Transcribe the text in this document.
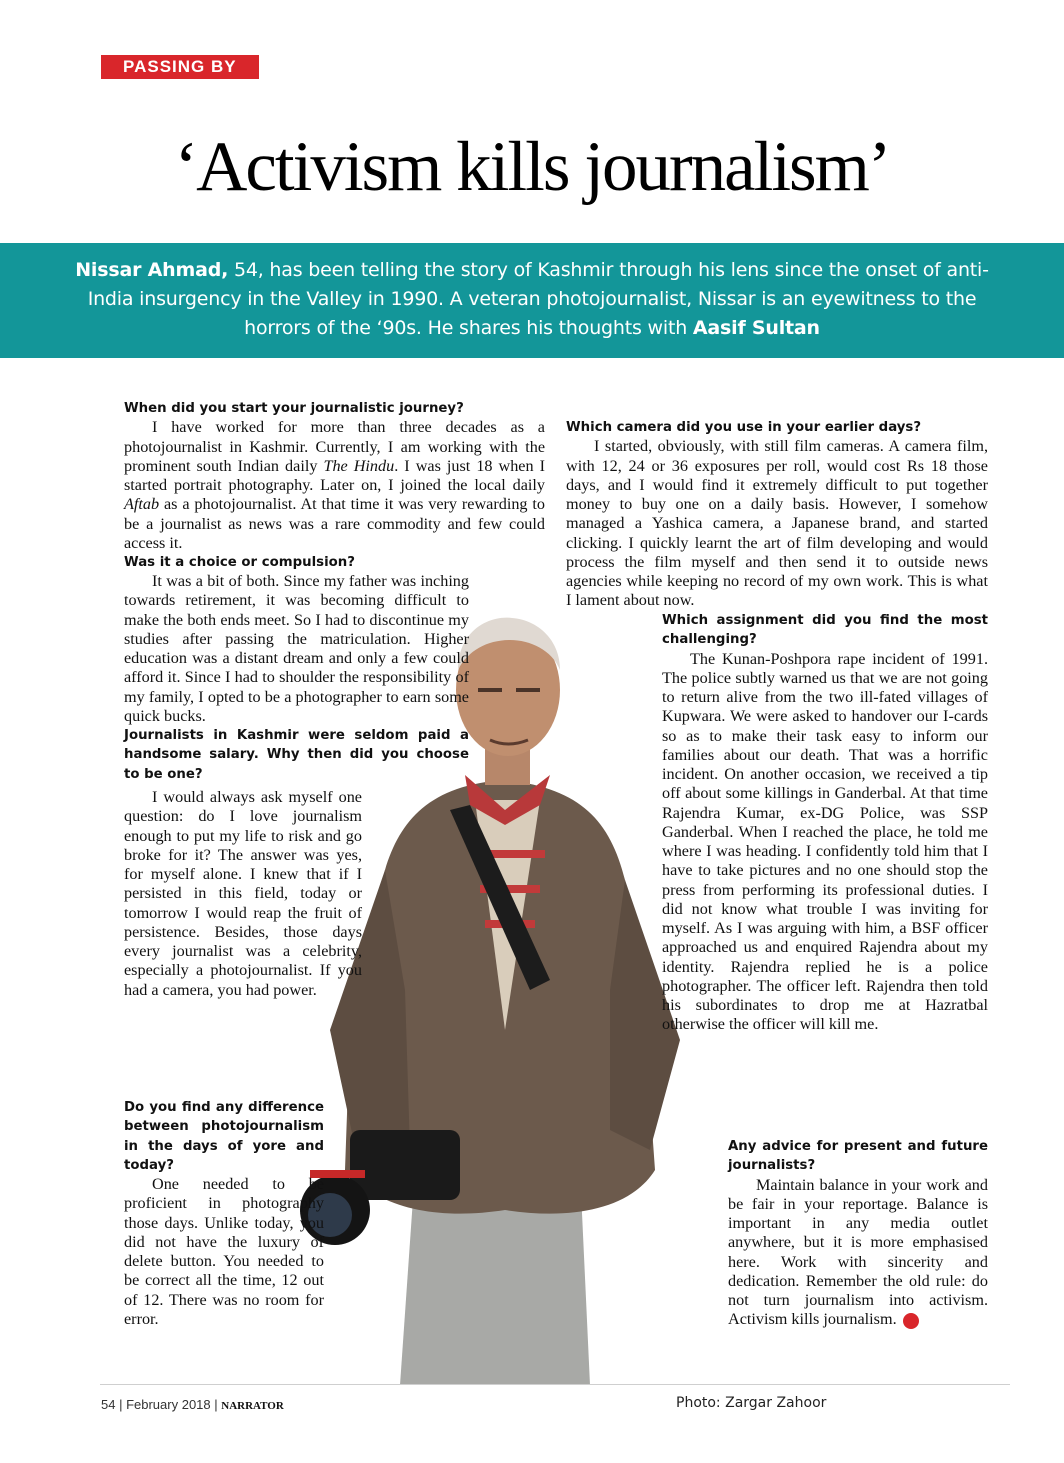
PASSING BY
‘Activism kills journalism’
Nissar Ahmad, 54, has been telling the story of Kashmir through his lens since the onset of anti-India insurgency in the Valley in 1990. A veteran photojournalist, Nissar is an eyewitness to the horrors of the ‘90s. He shares his thoughts with Aasif Sultan

When did you start your journalistic journey?

I have worked for more than three decades as a photojournalist in Kashmir. Currently, I am working with the prominent south Indian daily The Hindu. I was just 18 when I started portrait photography. Later on, I joined the local daily Aftab as a photojournalist. At that time it was very rewarding to be a journalist as news was a rare commodity and few could access it.

Was it a choice or compulsion?

It was a bit of both. Since my father was inching towards retirement, it was becoming difficult to make the both ends meet. So I had to discontinue my studies after passing the matriculation. Higher education was a distant dream and only a few could afford it. Since I had to shoulder the responsibility of my family, I opted to be a photographer to earn some quick bucks.

Journalists in Kashmir were seldom paid a handsome salary. Why then did you choose to be one?

I would always ask myself one question: do I love journalism enough to put my life to risk and go broke for it? The answer was yes, for myself alone. I knew that if I persisted in this field, today or tomorrow I would reap the fruit of persistence. Besides, those days every journalist was a celebrity, especially a photojournalist. If you had a camera, you had power.

Do you find any difference between photojournalism in the days of yore and today?

One needed to be proficient in photography those days. Unlike today, you did not have the luxury of delete button. You needed to be correct all the time, 12 out of 12. There was no room for error.

Which camera did you use in your earlier days?

I started, obviously, with still film cameras. A camera film, with 12, 24 or 36 exposures per roll, would cost Rs 18 those days, and I would find it extremely difficult to put together money to buy one on a daily basis. However, I somehow managed a Yashica camera, a Japanese brand, and started clicking. I quickly learnt the art of film developing and would process the film myself and then send it to outside news agencies while keeping no record of my own work. This is what I lament about now.

Which assignment did you find the most challenging?

The Kunan-Poshpora rape incident of 1991. The police subtly warned us that we are not going to return alive from the two ill-fated villages of Kupwara. We were asked to handover our I-cards so as to make their task easy to inform our families about our death. That was a horrific incident. On another occasion, we received a tip off about some killings in Ganderbal. At that time Rajendra Kumar, ex-DG Police, was SSP Ganderbal. When I reached the place, he told me where I was heading. I confidently told him that I have to take pictures and no one should stop the press from performing its professional duties. I did not know what trouble I was inviting for myself. As I was arguing with him, a BSF officer approached us and enquired Rajendra about my identity. Rajendra replied he is a police photographer. The officer left. Rajendra then told his subordinates to drop me at Hazratbal otherwise the officer will kill me.

Any advice for present and future journalists?

Maintain balance in your work and be fair in your reportage. Balance is important in any media outlet anywhere, but it is more emphasised here. Work with sincerity and dedication. Remember the old rule: do not turn journalism into activism. Activism kills journalism.	N

54 | February 2018 | NARRATOR	Photo: Zargar Zahoor
